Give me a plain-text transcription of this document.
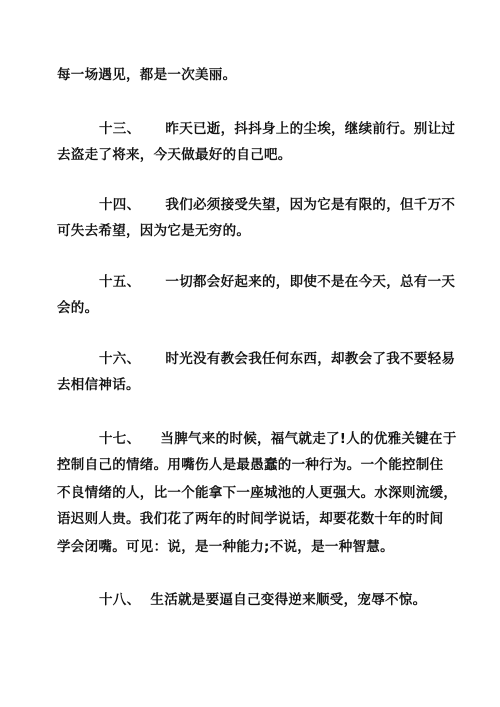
每一场遇见，都是一次美丽。
十三、 昨天已逝，抖抖身上的尘埃，继续前行。别让过
去盗走了将来，今天做最好的自己吧。
十四、 我们必须接受失望，因为它是有限的，但千万不
可失去希望，因为它是无穷的。
十五、 一切都会好起来的，即使不是在今天，总有一天
会的。
十六、 时光没有教会我任何东西，却教会了我不要轻易
去相信神话。
十七、 当脾气来的时候，福气就走了!人的优雅关键在于
控制自己的情绪。用嘴伤人是最愚蠢的一种行为。一个能控制住
不良情绪的人，比一个能拿下一座城池的人更强大。水深则流缓，
语迟则人贵。我们花了两年的时间学说话，却要花数十年的时间
学会闭嘴。可见：说，是一种能力;不说，是一种智慧。
十八、 生活就是要逼自己变得逆来顺受，宠辱不惊。
